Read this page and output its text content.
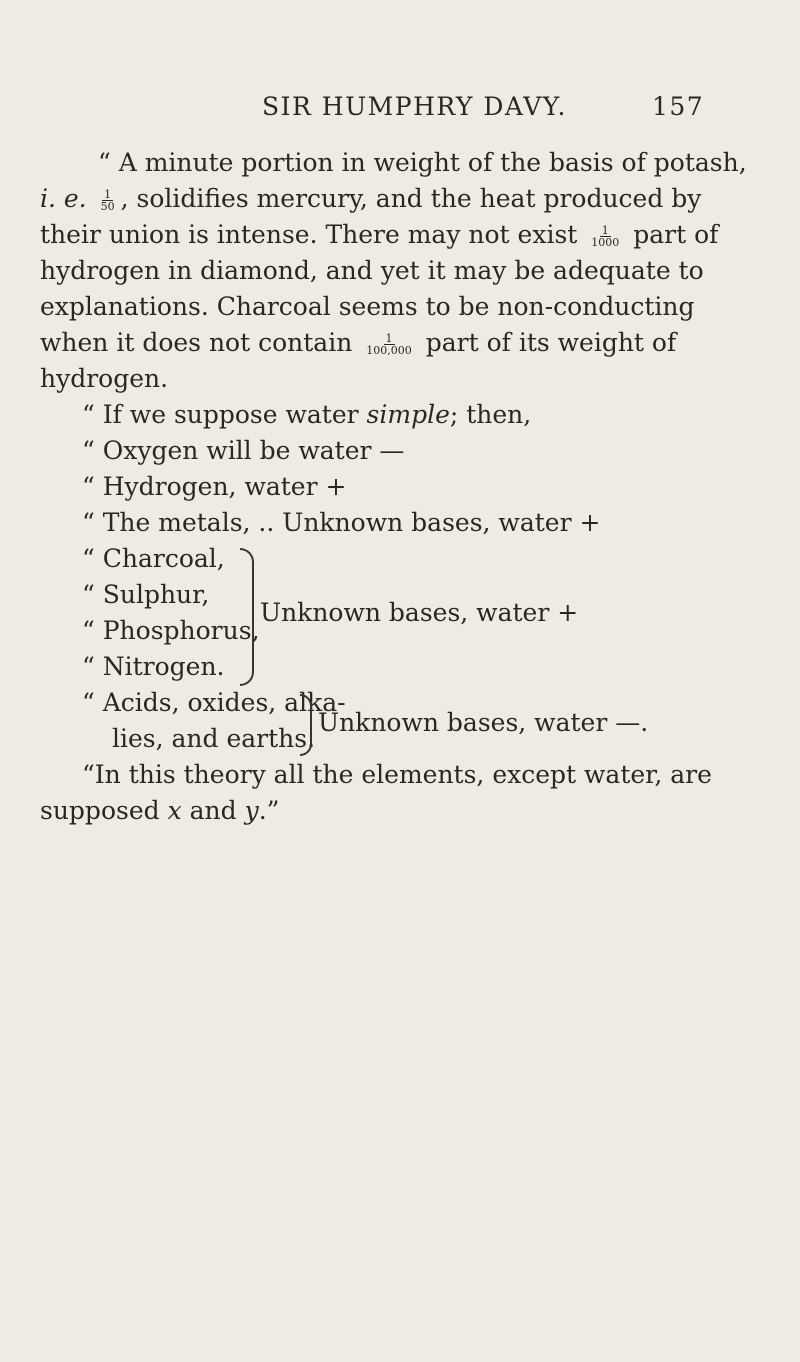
SIR HUMPHRY DAVY.	157
“ A minute portion in weight of the basis of potash,
i. e. $\frac{1}{50}$ , solidifies mercury, and the heat produced by
their union is intense. There may not exist $\frac{1}{1000}$ part of
hydrogen in diamond, and yet it may be adequate to
explanations. Charcoal seems to be non-conducting
when it does not contain $\frac{1}{100,000}$ part of its weight of
hydrogen.
“ If we suppose water simple; then,
“ Oxygen will be water —
“ Hydrogen, water +
“ The metals, .. Unknown bases, water +
“ Charcoal,
“ Sulphur,
“ Phosphorus,
“ Nitrogen.
Unknown bases, water +
“ Acids, oxides, alka-
lies, and earths.
Unknown bases, water —.
“In this theory all the elements, except water, are
supposed x and y.”
